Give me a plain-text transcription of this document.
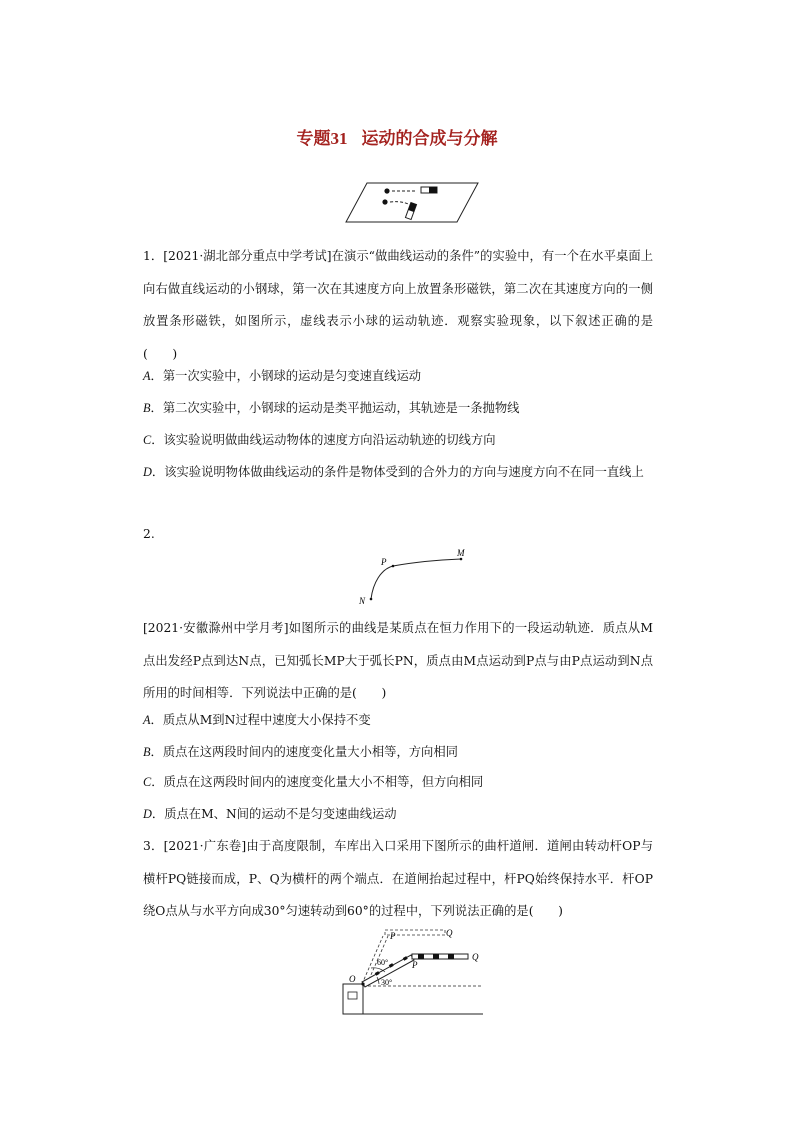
专题31 运动的合成与分解
1．[2021·湖北部分重点中学考试]在演示“做曲线运动的条件”的实验中，有一个在水平桌面上向右做直线运动的小钢球，第一次在其速度方向上放置条形磁铁，第二次在其速度方向的一侧放置条形磁铁，如图所示，虚线表示小球的运动轨迹．观察实验现象，以下叙述正确的是(　　)
A．第一次实验中，小钢球的运动是匀变速直线运动
B．第二次实验中，小钢球的运动是类平抛运动，其轨迹是一条抛物线
C．该实验说明做曲线运动物体的速度方向沿运动轨迹的切线方向
D．该实验说明物体做曲线运动的条件是物体受到的合外力的方向与速度方向不在同一直线上
2.
P
M
N
[2021·安徽滁州中学月考]如图所示的曲线是某质点在恒力作用下的一段运动轨迹．质点从M点出发经P点到达N点，已知弧长MP大于弧长PN，质点由M点运动到P点与由P点运动到N点所用的时间相等．下列说法中正确的是(　　)
A．质点从M到N过程中速度大小保持不变
B．质点在这两段时间内的速度变化量大小相等，方向相同
C．质点在这两段时间内的速度变化量大小不相等，但方向相同
D．质点在M、N间的运动不是匀变速曲线运动
3．[2021·广东卷]由于高度限制，车库出入口采用下图所示的曲杆道闸．道闸由转动杆OP与横杆PQ链接而成，P、Q为横杆的两个端点．在道闸抬起过程中，杆PQ始终保持水平．杆OP绕O点从与水平方向成30°匀速转动到60°的过程中，下列说法正确的是(　　)
P	Q
P
Q
O
60°
30°
